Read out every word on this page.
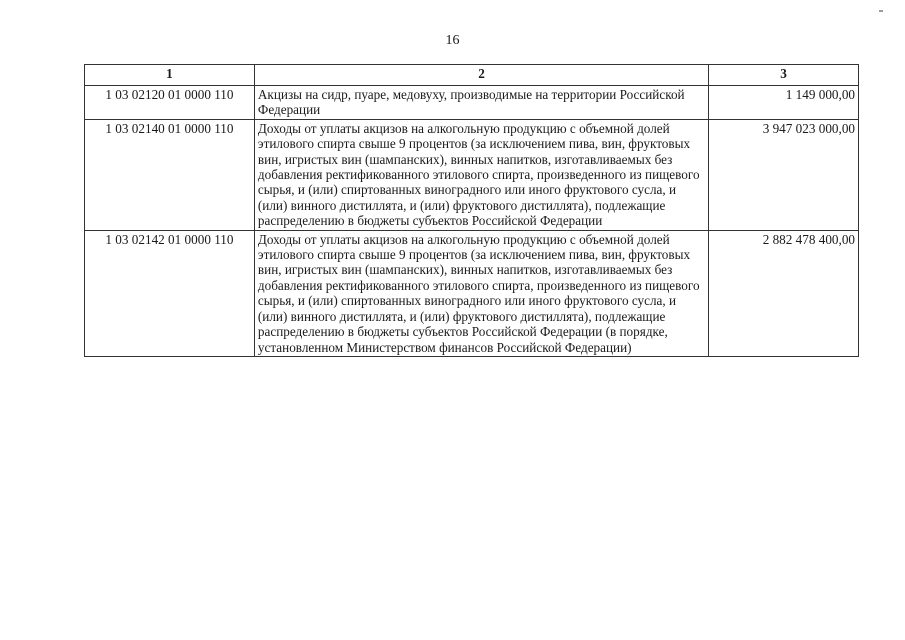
16
1	2	3
1 03 02120 01 0000 110	Акцизы на сидр, пуаре, медовуху, производимые на территории Российской Федерации	1 149 000,00
1 03 02140 01 0000 110	Доходы от уплаты акцизов на алкогольную продукцию с объемной долей этилового спирта свыше 9 процентов (за исключением пива, вин, фруктовых вин, игристых вин (шампанских), винных напитков, изготавливаемых без добавления ректификованного этилового спирта, произведенного из пищевого сырья, и (или) спиртованных виноградного или иного фруктового сусла, и (или) винного дистиллята, и (или) фруктового дистиллята), подлежащие распределению в бюджеты субъектов Российской Федерации	3 947 023 000,00
1 03 02142 01 0000 110	Доходы от уплаты акцизов на алкогольную продукцию с объемной долей этилового спирта свыше 9 процентов (за исключением пива, вин, фруктовых вин, игристых вин (шампанских), винных напитков, изготавливаемых без добавления ректификованного этилового спирта, произведенного из пищевого сырья, и (или) спиртованных виноградного или иного фруктового сусла, и (или) винного дистиллята, и (или) фруктового дистиллята), подлежащие распределению в бюджеты субъектов Российской Федерации (в порядке, установленном Министерством финансов Российской Федерации)	2 882 478 400,00
